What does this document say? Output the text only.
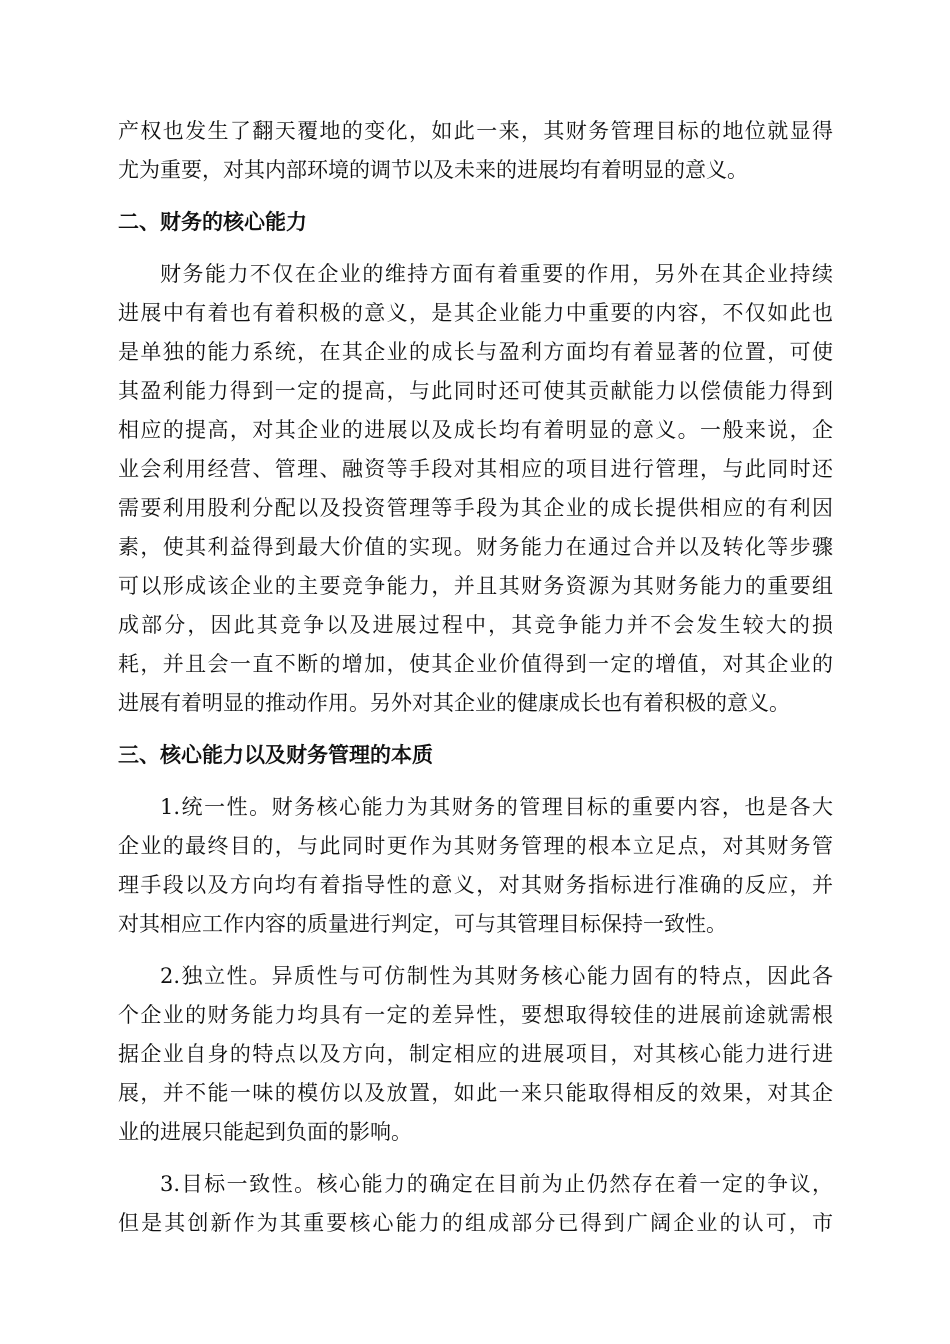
产权也发生了翻天覆地的变化，如此一来，其财务管理目标的地位就显得
尤为重要，对其内部环境的调节以及未来的进展均有着明显的意义。
二、财务的核心能力
财务能力不仅在企业的维持方面有着重要的作用，另外在其企业持续
进展中有着也有着积极的意义，是其企业能力中重要的内容，不仅如此也
是单独的能力系统，在其企业的成长与盈利方面均有着显著的位置，可使
其盈利能力得到一定的提高，与此同时还可使其贡献能力以偿债能力得到
相应的提高，对其企业的进展以及成长均有着明显的意义。一般来说，企
业会利用经营、管理、融资等手段对其相应的项目进行管理，与此同时还
需要利用股利分配以及投资管理等手段为其企业的成长提供相应的有利因
素，使其利益得到最大价值的实现。财务能力在通过合并以及转化等步骤
可以形成该企业的主要竞争能力，并且其财务资源为其财务能力的重要组
成部分，因此其竞争以及进展过程中，其竞争能力并不会发生较大的损
耗，并且会一直不断的增加，使其企业价值得到一定的增值，对其企业的
进展有着明显的推动作用。另外对其企业的健康成长也有着积极的意义。
三、核心能力以及财务管理的本质
1.统一性。财务核心能力为其财务的管理目标的重要内容，也是各大
企业的最终目的，与此同时更作为其财务管理的根本立足点，对其财务管
理手段以及方向均有着指导性的意义，对其财务指标进行准确的反应，并
对其相应工作内容的质量进行判定，可与其管理目标保持一致性。
2.独立性。异质性与可仿制性为其财务核心能力固有的特点，因此各
个企业的财务能力均具有一定的差异性，要想取得较佳的进展前途就需根
据企业自身的特点以及方向，制定相应的进展项目，对其核心能力进行进
展，并不能一味的模仿以及放置，如此一来只能取得相反的效果，对其企
业的进展只能起到负面的影响。
3.目标一致性。核心能力的确定在目前为止仍然存在着一定的争议，
但是其创新作为其重要核心能力的组成部分已得到广阔企业的认可，市
